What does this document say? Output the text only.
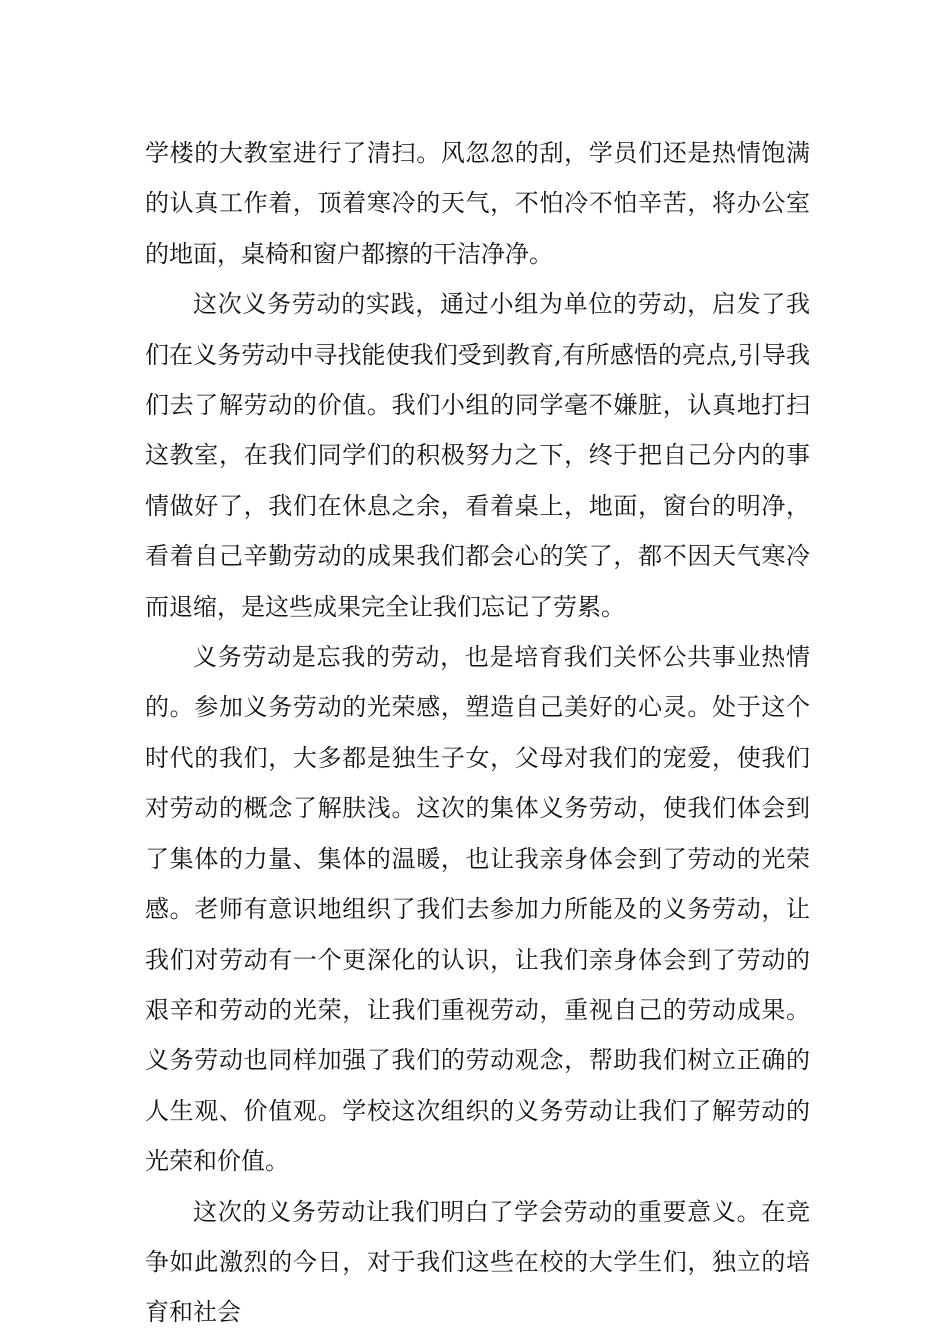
学楼的大教室进行了清扫。风忽忽的刮，学员们还是热情饱满的认真工作着，顶着寒冷的天气，不怕冷不怕辛苦，将办公室的地面，桌椅和窗户都擦的干洁净净。

这次义务劳动的实践，通过小组为单位的劳动，启发了我们在义务劳动中寻找能使我们受到教育,有所感悟的亮点,引导我们去了解劳动的价值。我们小组的同学毫不嫌脏，认真地打扫这教室，在我们同学们的积极努力之下，终于把自己分内的事情做好了，我们在休息之余，看着桌上，地面，窗台的明净，看着自己辛勤劳动的成果我们都会心的笑了，都不因天气寒冷而退缩，是这些成果完全让我们忘记了劳累。

义务劳动是忘我的劳动，也是培育我们关怀公共事业热情的。参加义务劳动的光荣感，塑造自己美好的心灵。处于这个时代的我们，大多都是独生子女，父母对我们的宠爱，使我们对劳动的概念了解肤浅。这次的集体义务劳动，使我们体会到了集体的力量、集体的温暖，也让我亲身体会到了劳动的光荣感。老师有意识地组织了我们去参加力所能及的义务劳动，让我们对劳动有一个更深化的认识，让我们亲身体会到了劳动的艰辛和劳动的光荣，让我们重视劳动，重视自己的劳动成果。义务劳动也同样加强了我们的劳动观念，帮助我们树立正确的人生观、价值观。学校这次组织的义务劳动让我们了解劳动的光荣和价值。

这次的义务劳动让我们明白了学会劳动的重要意义。在竞争如此激烈的今日，对于我们这些在校的大学生们，独立的培育和社会
